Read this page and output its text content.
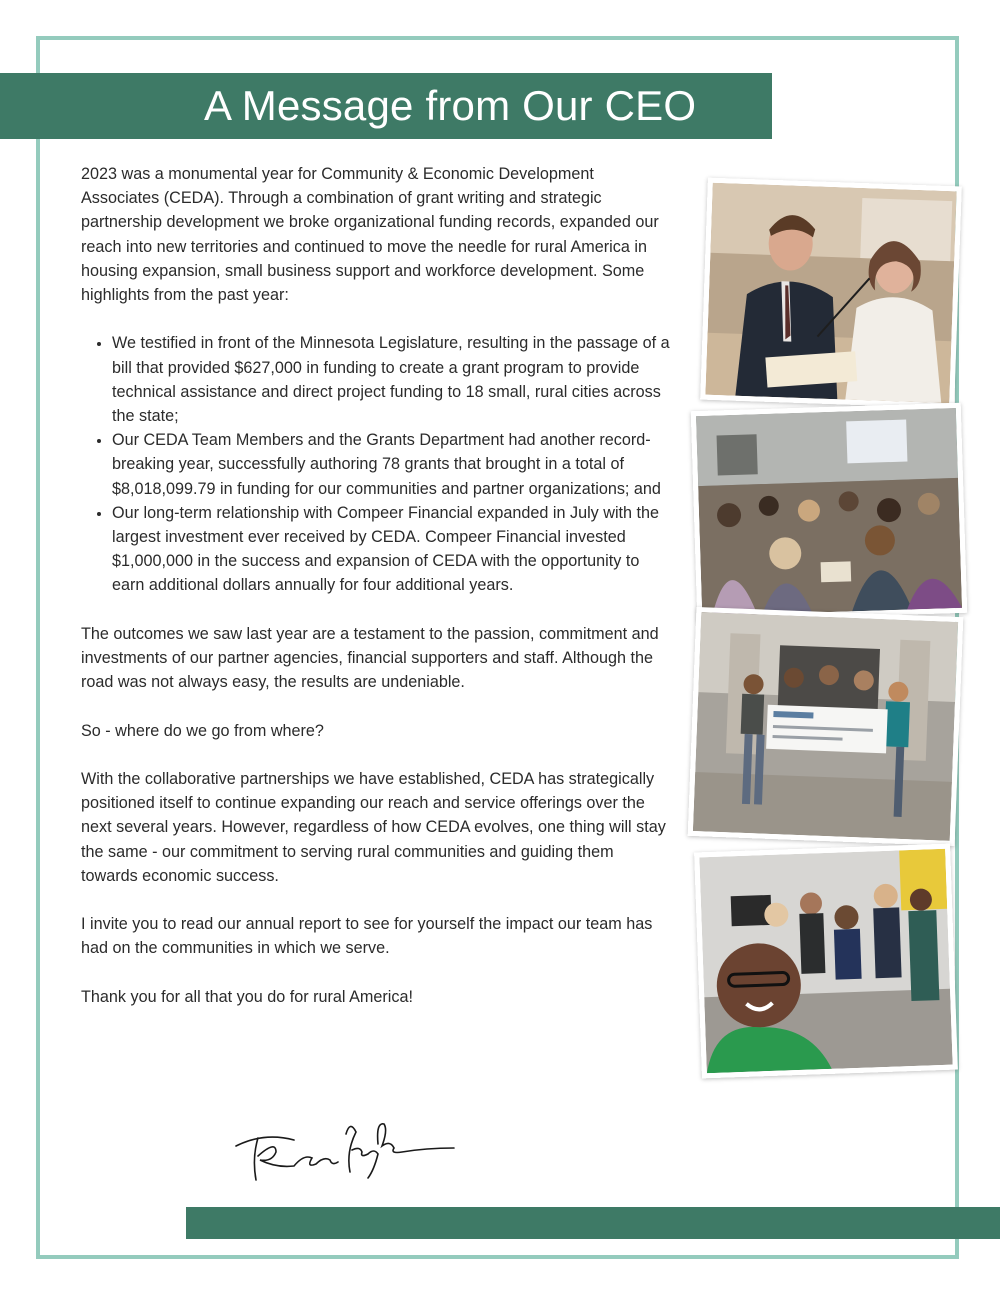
A Message from Our CEO

2023 was a monumental year for Community & Economic Development Associates (CEDA). Through a combination of grant writing and strategic partnership development we broke organizational funding records, expanded our reach into new territories and continued to move the needle for rural America in housing expansion, small business support and workforce development. Some highlights from the past year:

• We testified in front of the Minnesota Legislature, resulting in the passage of a bill that provided $627,000 in funding to create a grant program to provide technical assistance and direct project funding to 18 small, rural cities across the state;
• Our CEDA Team Members and the Grants Department had another record-breaking year, successfully authoring 78 grants that brought in a total of $8,018,099.79 in funding for our communities and partner organizations; and
• Our long-term relationship with Compeer Financial expanded in July with the largest investment ever received by CEDA. Compeer Financial invested $1,000,000 in the success and expansion of CEDA with the opportunity to earn additional dollars annually for four additional years.

The outcomes we saw last year are a testament to the passion, commitment and investments of our partner agencies, financial supporters and staff. Although the road was not always easy, the results are undeniable.

So - where do we go from where?

With the collaborative partnerships we have established, CEDA has strategically positioned itself to continue expanding our reach and service offerings over the next several years. However, regardless of how CEDA evolves, one thing will stay the same - our commitment to serving rural communities and guiding them towards economic success.

I invite you to read our annual report to see for yourself the impact our team has had on the communities in which we serve.

Thank you for all that you do for rural America!
